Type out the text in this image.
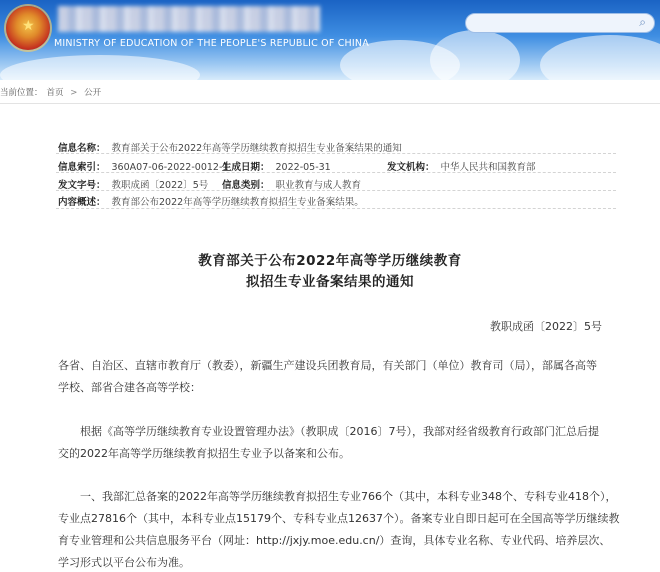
★
MINISTRY OF EDUCATION OF THE PEOPLE'S REPUBLIC OF CHINA
⌕
当前位置： 首页 > 公开
信息名称： 教育部关于公布2022年高等学历继续教育拟招生专业备案结果的通知
信息索引： 360A07-06-2022-0012-1
生成日期： 2022-05-31	发文机构： 中华人民共和国教育部
发文字号： 教职成函〔2022〕5号 信息类别： 职业教育与成人教育
内容概述： 教育部公布2022年高等学历继续教育拟招生专业备案结果。
教育部关于公布2022年高等学历继续教育
拟招生专业备案结果的通知
教职成函〔2022〕5号
各省、自治区、直辖市教育厅（教委），新疆生产建设兵团教育局，有关部门（单位）教育司（局），部属各高等
学校、部省合建各高等学校：
根据《高等学历继续教育专业设置管理办法》（教职成〔2016〕7号），我部对经省级教育行政部门汇总后提
交的2022年高等学历继续教育拟招生专业予以备案和公布。
一、我部汇总备案的2022年高等学历继续教育拟招生专业766个（其中，本科专业348个、专科专业418个），
专业点27816个（其中，本科专业点15179个、专科专业点12637个）。备案专业自即日起可在全国高等学历继续教
育专业管理和公共信息服务平台（网址：http://jxjy.moe.edu.cn/）查询，具体专业名称、专业代码、培养层次、
学习形式以平台公布为准。
